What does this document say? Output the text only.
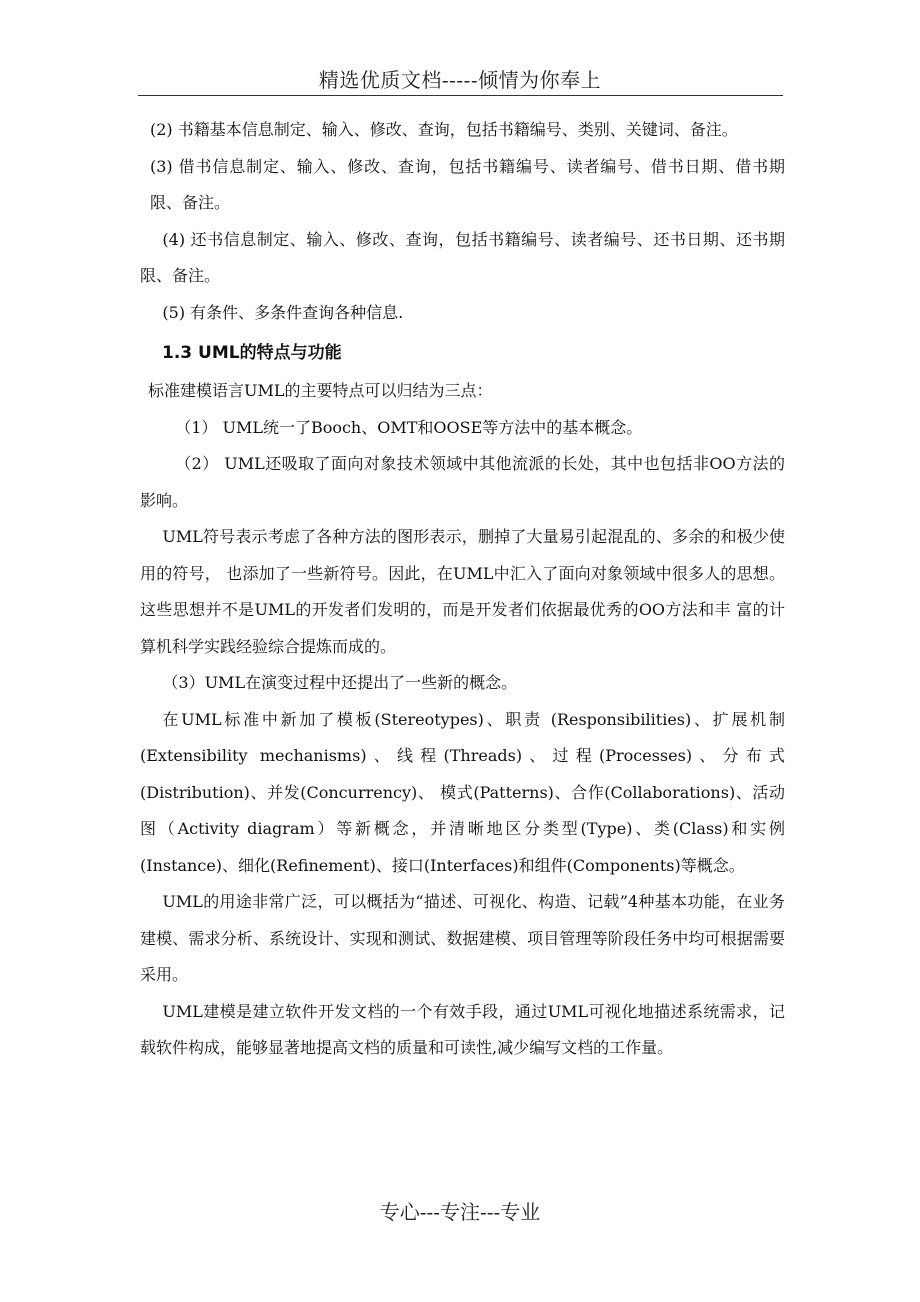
精选优质文档-----倾情为你奉上

(2) 书籍基本信息制定、输入、修改、查询，包括书籍编号、类别、关键词、备注。

(3) 借书信息制定、输入、修改、查询，包括书籍编号、读者编号、借书日期、借书期限、备注。

(4) 还书信息制定、输入、修改、查询，包括书籍编号、读者编号、还书日期、还书期限、备注。

(5) 有条件、多条件查询各种信息.

1.3 UML的特点与功能

标准建模语言UML的主要特点可以归结为三点：

（1） UML统一了Booch、OMT和OOSE等方法中的基本概念。

（2） UML还吸取了面向对象技术领域中其他流派的长处，其中也包括非OO方法的影响。

UML符号表示考虑了各种方法的图形表示，删掉了大量易引起混乱的、多余的和极少使用的符号， 也添加了一些新符号。因此，在UML中汇入了面向对象领域中很多人的思想。这些思想并不是UML的开发者们发明的，而是开发者们依据最优秀的OO方法和丰 富的计算机科学实践经验综合提炼而成的。

（3）UML在演变过程中还提出了一些新的概念。

在UML标准中新加了模板(Stereotypes)、职责 (Responsibilities)、扩展机制(Extensibility mechanisms)、线程(Threads)、过程(Processes)、分布式(Distribution)、并发(Concurrency)、 模式(Patterns)、合作(Collaborations)、活动图（Activity diagram）等新概念，并清晰地区分类型(Type)、类(Class)和实例(Instance)、细化(Refinement)、接口(Interfaces)和组件(Components)等概念。

UML的用途非常广泛，可以概括为“描述、可视化、构造、记载”4种基本功能，在业务建模、需求分析、系统设计、实现和测试、数据建模、项目管理等阶段任务中均可根据需要采用。

UML建模是建立软件开发文档的一个有效手段，通过UML可视化地描述系统需求，记载软件构成，能够显著地提高文档的质量和可读性,减少编写文档的工作量。

专心---专注---专业
